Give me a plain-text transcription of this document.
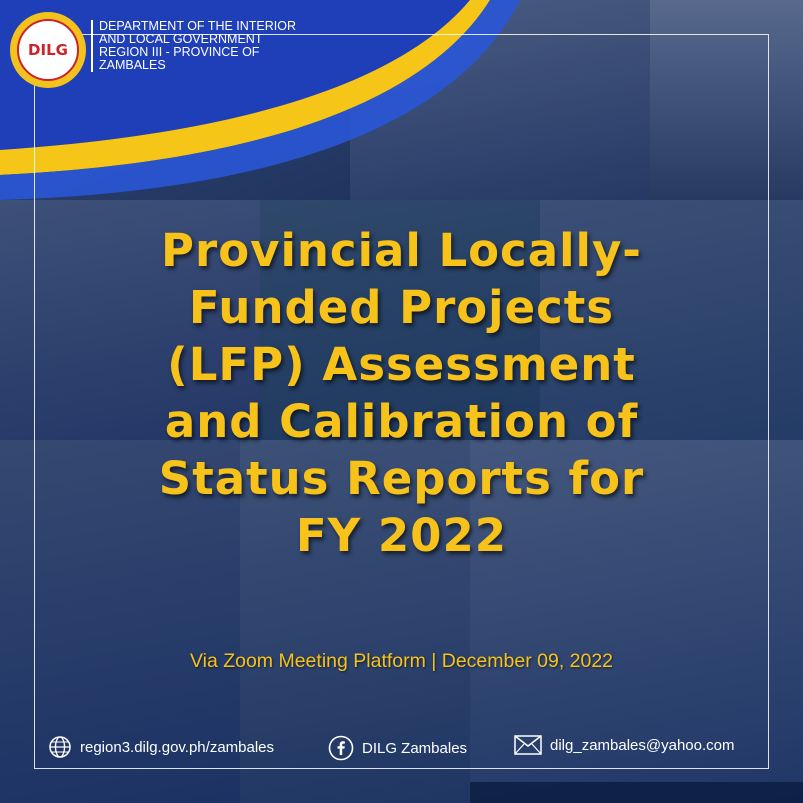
DILG
DEPARTMENT OF THE INTERIOR
AND LOCAL GOVERNMENT
REGION III - PROVINCE OF
ZAMBALES
Provincial Locally-
Funded Projects
(LFP) Assessment
and Calibration of
Status Reports for
FY 2022
Via Zoom Meeting Platform | December 09, 2022
region3.dilg.gov.ph/zambales	DILG Zambales	dilg_zambales@yahoo.com
